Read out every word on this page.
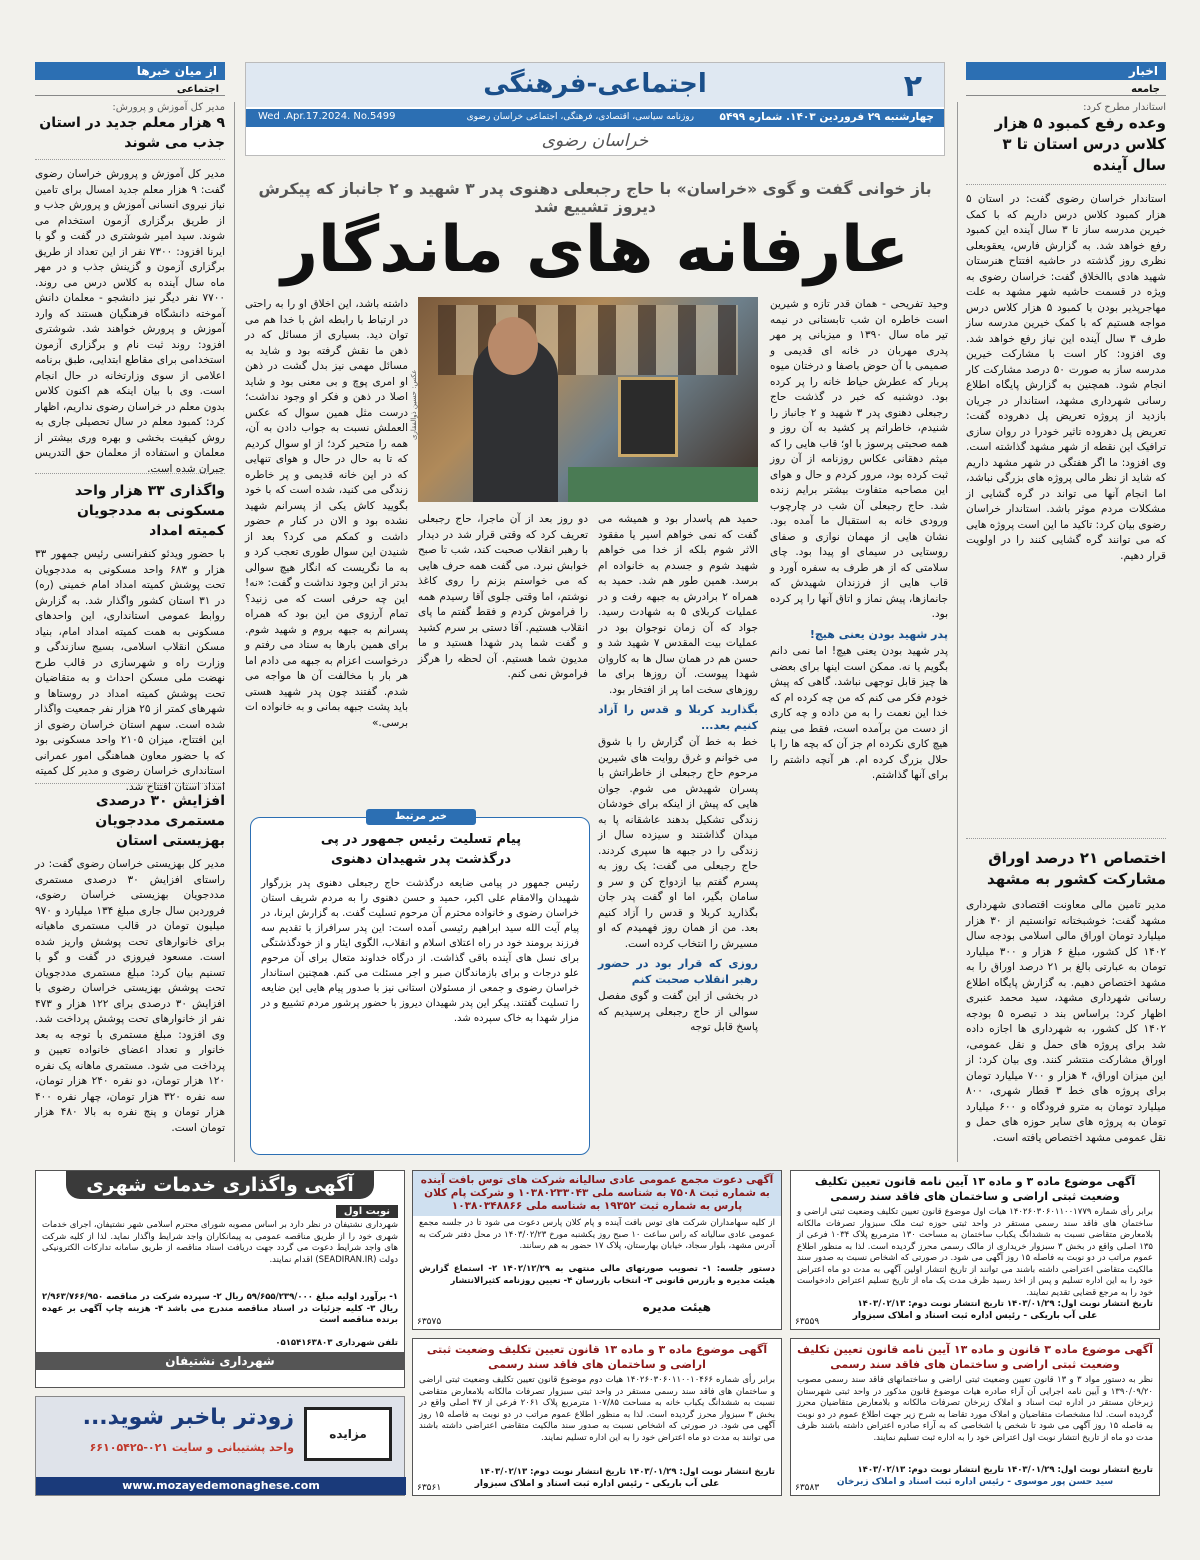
۲
اجتماعی-فرهنگی
چهارشنبه ۲۹ فروردین ۱۴۰۳. شماره ۵۴۹۹
روزنامه سیاسی، اقتصادی، فرهنگی، اجتماعی خراسان رضوی
Wed .Apr.17.2024. No.5499
خراسان رضوی
از میان خبرها
اجتماعی
اخبار
جامعه
استاندار مطرح کرد:
وعده رفع کمبود ۵ هزار کلاس درس استان تا ۳ سال آینده
استاندار خراسان رضوی گفت: در استان ۵ هزار کمبود کلاس درس داریم که با کمک خیرین مدرسه ساز تا ۳ سال آینده این کمبود رفع خواهد شد. به گزارش فارس، یعقوبعلی نظری روز گذشته در حاشیه افتتاح هنرستان شهید هادی باالخلاق گفت: خراسان رضوی به ویژه در قسمت حاشیه شهر مشهد به علت مهاجرپذیر بودن با کمبود ۵ هزار کلاس درس مواجه هستیم که با کمک خیرین مدرسه ساز طرف ۳ سال آینده این نیاز رفع خواهد شد. وی افزود: کار است با مشارکت خیرین مدرسه ساز به صورت ۵۰ درصد مشارکت کار انجام شود. همچنین به گزارش پایگاه اطلاع رسانی شهرداری مشهد، استاندار در جریان بازدید از پروژه تعریض پل دهروده گفت: تعریض پل دهروده تاثیر خودرا در روان سازی ترافیک این نقطه از شهر مشهد گذاشته است. وی افزود: ما اگر هفتگی در شهر مشهد داریم که شاید از نظر مالی پروژه های بزرگی نباشد، اما انجام آنها می تواند در گره گشایی از مشکلات مردم موثر باشد. استاندار خراسان رضوی بیان کرد: تاکید ما این است پروژه هایی که می توانند گره گشایی کنند را در اولویت قرار دهیم.
اختصاص ۲۱ درصد اوراق مشارکت کشور به مشهد
مدیر تامین مالی معاونت اقتصادی شهرداری مشهد گفت: خوشبختانه توانستیم از ۳۰ هزار میلیارد تومان اوراق مالی اسلامی بودجه سال ۱۴۰۲ کل کشور، مبلغ ۶ هزار و ۳۰۰ میلیارد تومان به عبارتی بالغ بر ۲۱ درصد اوراق را به مشهد اختصاص دهیم. به گزارش پایگاه اطلاع رسانی شهرداری مشهد، سید محمد عنبری اظهار کرد: براساس بند د تبصره ۵ بودجه ۱۴۰۲ کل کشور، به شهرداری ها اجازه داده شد برای پروژه های حمل و نقل عمومی، اوراق مشارکت منتشر کنند. وی بیان کرد: از این میزان اوراق، ۴ هزار و ۷۰۰ میلیارد تومان برای پروژه های خط ۳ قطار شهری، ۸۰۰ میلیارد تومان به مترو فرودگاه و ۶۰۰ میلیارد تومان به پروژه های سایر حوزه های حمل و نقل عمومی مشهد اختصاص یافته است.
مدیر کل آموزش و پرورش:
۹ هزار معلم جدید در استان جذب می شوند
مدیر کل آموزش و پرورش خراسان رضوی گفت: ۹ هزار معلم جدید امسال برای تامین نیاز نیروی انسانی آموزش و پرورش جذب و از طریق برگزاری آزمون استخدام می شوند. سید امیر شوشتری در گفت و گو با ایرنا افزود: ۷۳۰۰ نفر از این تعداد از طریق برگزاری آزمون و گزینش جذب و در مهر ماه سال آینده به کلاس درس می روند. ۷۷۰۰ نفر دیگر نیز دانشجو - معلمان دانش آموخته دانشگاه فرهنگیان هستند که وارد آموزش و پرورش خواهند شد. شوشتری افزود: روند ثبت نام و برگزاری آزمون استخدامی برای مقاطع ابتدایی، طبق برنامه اعلامی از سوی وزارتخانه در حال انجام است. وی با بیان اینکه هم اکنون کلاس بدون معلم در خراسان رضوی نداریم، اظهار کرد: کمبود معلم در سال تحصیلی جاری به روش کیفیت بخشی و بهره وری بیشتر از معلمان و استفاده از معلمان حق التدریس جبران شده است.
واگذاری ۳۳ هزار واحد مسکونی به مددجویان کمیته امداد
با حضور ویدئو کنفرانسی رئیس جمهور ۳۳ هزار و ۶۸۳ واحد مسکونی به مددجویان تحت پوشش کمیته امداد امام خمینی (ره) در ۳۱ استان کشور واگذار شد. به گزارش روابط عمومی استانداری، این واحدهای مسکونی به همت کمیته امداد امام، بنیاد مسکن انقلاب اسلامی، بسیج سازندگی و وزارت راه و شهرسازی در قالب طرح نهضت ملی مسکن احداث و به متقاضیان تحت پوشش کمیته امداد در روستاها و شهرهای کمتر از ۲۵ هزار نفر جمعیت واگذار شده است. سهم استان خراسان رضوی از این افتتاح، میزان ۲۱۰۵ واحد مسکونی بود که با حضور معاون هماهنگی امور عمرانی استانداری خراسان رضوی و مدیر کل کمیته امداد استان افتتاح شد.
افزایش ۳۰ درصدی مستمری مددجویان بهزیستی استان
مدیر کل بهزیستی خراسان رضوی گفت: در راستای افزایش ۳۰ درصدی مستمری مددجویان بهزیستی خراسان رضوی، فروردین سال جاری مبلغ ۱۳۴ میلیارد و ۹۷۰ میلیون تومان در قالب مستمری ماهیانه برای خانوارهای تحت پوشش واریز شده است. مسعود فیروزی در گفت و گو با تسنیم بیان کرد: مبلغ مستمری مددجویان تحت پوشش بهزیستی خراسان رضوی با افزایش ۳۰ درصدی برای ۱۲۲ هزار و ۴۷۳ نفر از خانوارهای تحت پوشش پرداخت شد. وی افزود: مبلغ مستمری با توجه به بعد خانوار و تعداد اعضای خانواده تعیین و پرداخت می شود. مستمری ماهانه یک نفره ۱۲۰ هزار تومان، دو نفره ۲۴۰ هزار تومان، سه نفره ۳۲۰ هزار تومان، چهار نفره ۴۰۰ هزار تومان و پنج نفره به بالا ۴۸۰ هزار تومان است.
باز خوانی گفت و گوی «خراسان» با حاج رجبعلی دهنوی پدر ۳ شهید و ۲ جانباز که پیکرش دیروز تشییع شد
عارفانه های ماندگار
عکس: حسین ذوالفقاری

وحید تفریحی - همان قدر تازه و شیرین است خاطره ان شب تابستانی در نیمه تیر ماه سال ۱۳۹۰ و میزبانی پر مهر پدری مهربان در خانه ای قدیمی و صمیمی با آن حوض باصفا و درختان میوه پربار که عطرش حیاط خانه را پر کرده بود. دوشنبه که خبر در گذشت حاج رجبعلی دهنوی پدر ۳ شهید و ۲ جانباز را شنیدم، خاطراتم پر کشید به آن روز و همه صحبتی پرسوز با او؛ قاب هایی را که میثم دهقانی عکاس روزنامه از آن روز ثبت کرده بود، مرور کردم و حال و هوای این مصاحبه متفاوت بیشتر برایم زنده شد. حاج رجبعلی آن شب در چارچوب ورودی خانه به استقبال ما آمده بود. نشان هایی از مهمان نوازی و صفای روستایی در سیمای او پیدا بود. چای سلامتی که از هر طرف به سفره آورد و قاب هایی از فرزندان شهیدش که جانمازها، پیش نماز و اتاق آنها را پر کرده بود.

پدر شهید بودن یعنی هیچ!

پدر شهید بودن یعنی هیچ! اما نمی دانم بگویم یا نه. ممکن است اینها برای بعضی ها چیز قابل توجهی نباشد. گاهی که پیش خودم فکر می کنم که من چه کرده ام که خدا این نعمت را به من داده و چه کاری از دست من برآمده است، فقط می بینم هیچ کاری نکرده ام جز آن که بچه ها را با حلال بزرگ کرده ام. هر آنچه داشتم را برای آنها گذاشتم.

حمید هم پاسدار بود و همیشه می گفت که نمی خواهم اسیر یا مفقود الاثر شوم بلکه از خدا می خواهم شهید شوم و جسدم به خانواده ام برسد. همین طور هم شد. حمید به همراه ۲ برادرش به جبهه رفت و در عملیات کربلای ۵ به شهادت رسید. جواد که آن زمان نوجوان بود در عملیات بیت المقدس ۷ شهید شد و حسن هم در همان سال ها به کاروان شهدا پیوست. آن روزها برای ما روزهای سخت اما پر از افتخار بود.

بگذارید کربلا و قدس را آزاد کنیم بعد...

خط به خط آن گزارش را با شوق می خوانم و غرق روایت های شیرین مرحوم حاج رجبعلی از خاطراتش با پسران شهیدش می شوم. جوان هایی که پیش از اینکه برای خودشان زندگی تشکیل بدهند عاشقانه پا به میدان گذاشتند و سیزده سال از زندگی را در جبهه ها سپری کردند. حاج رجبعلی می گفت: یک روز به پسرم گفتم بیا ازدواج کن و سر و سامان بگیر، اما او گفت پدر جان بگذارید کربلا و قدس را آزاد کنیم بعد. من از همان روز فهمیدم که او مسیرش را انتخاب کرده است.

روزی که قرار بود در حضور رهبر انقلاب صحبت کنم

در بخشی از این گفت و گوی مفصل سوالی از حاج رجبعلی پرسیدیم که پاسخ قابل توجه

دو روز بعد از آن ماجرا، حاج رجبعلی تعریف کرد که وقتی قرار شد در دیدار با رهبر انقلاب صحبت کند، شب تا صبح خوابش نبرد. می گفت همه حرف هایی که می خواستم بزنم را روی کاغذ نوشتم، اما وقتی جلوی آقا رسیدم همه را فراموش کردم و فقط گفتم ما پای انقلاب هستیم. آقا دستی بر سرم کشید و گفت شما پدر شهدا هستید و ما مدیون شما هستیم. آن لحظه را هرگز فراموش نمی کنم.

داشته باشد، این اخلاق او را به راحتی در ارتباط با رابطه اش با خدا هم می توان دید. بسیاری از مسائل که در ذهن ما نقش گرفته بود و شاید به مسائل مهمی نیز بدل گشت در ذهن او امری پوچ و بی معنی بود و شاید اصلا در ذهن و فکر او وجود نداشت؛ درست مثل همین سوال که عکس العملش نسبت به جواب دادن به آن، همه را متحیر کرد؛ از او سوال کردیم که تا به حال در حال و هوای تنهایی که در این خانه قدیمی و پر خاطره زندگی می کنید، شده است که با خود بگویید کاش یکی از پسرانم شهید نشده بود و الان در کنار م حضور داشت و کمکم می کرد؟ بعد از شنیدن این سوال طوری تعجب کرد و به ما نگریست که انگار هیچ سوالی بدتر از این وجود نداشت و گفت: «نه! این چه حرفی است که می زنید؟ تمام آرزوی من این بود که همراه پسرانم به جبهه بروم و شهید شوم. برای همین بارها به ستاد می رفتم و درخواست اعزام به جبهه می دادم اما هر بار با مخالفت آن ها مواجه می شدم. گفتند چون پدر شهید هستی باید پشت جبهه بمانی و به خانواده ات برسی.»

خبر مرتبط
پیام تسلیت رئیس جمهور در پی درگذشت پدر شهیدان دهنوی
رئیس جمهور در پیامی ضایعه درگذشت حاج رجبعلی دهنوی پدر بزرگوار شهیدان والامقام علی اکبر، حمید و حسن دهنوی را به مردم شریف استان خراسان رضوی و خانواده محترم آن مرحوم تسلیت گفت. به گزارش ایرنا، در پیام آیت الله سید ابراهیم رئیسی آمده است: این پدر سرافراز با تقدیم سه فرزند برومند خود در راه اعتلای اسلام و انقلاب، الگوی ایثار و از خودگذشتگی برای نسل های آینده باقی گذاشت. از درگاه خداوند متعال برای آن مرحوم علو درجات و برای بازماندگان صبر و اجر مسئلت می کنم. همچنین استاندار خراسان رضوی و جمعی از مسئولان استانی نیز با صدور پیام هایی این ضایعه را تسلیت گفتند. پیکر این پدر شهیدان دیروز با حضور پرشور مردم تشییع و در مزار شهدا به خاک سپرده شد.
آگهی موضوع ماده ۳ و ماده ۱۳ آیین نامه قانون تعیین تکلیف وضعیت ثبتی اراضی و ساختمان های فاقد سند رسمی
برابر رأی شماره ۱۴۰۲۶۰۳۰۶۰۱۱۰۰۱۷۷۹ هیات اول موضوع قانون تعیین تکلیف وضعیت ثبتی اراضی و ساختمان های فاقد سند رسمی مستقر در واحد ثبتی حوزه ثبت ملک سبزوار تصرفات مالکانه بلامعارض متقاضی نسبت به ششدانگ یکباب ساختمان به مساحت ۱۳۰ مترمربع پلاک ۱۰۳۴ فرعی از ۱۳۵ اصلی واقع در بخش ۳ سبزوار خریداری از مالک رسمی محرز گردیده است. لذا به منظور اطلاع عموم مراتب در دو نوبت به فاصله ۱۵ روز آگهی می شود. در صورتی که اشخاص نسبت به صدور سند مالکیت متقاضی اعتراضی داشته باشند می توانند از تاریخ انتشار اولین آگهی به مدت دو ماه اعتراض خود را به این اداره تسلیم و پس از اخذ رسید ظرف مدت یک ماه از تاریخ تسلیم اعتراض دادخواست خود را به مرجع قضایی تقدیم نمایند.
تاریخ انتشار نوبت اول: ۱۴۰۳/۰۱/۲۹ تاریخ انتشار نوبت دوم: ۱۴۰۳/۰۲/۱۳
علی آب باریکی - رئیس اداره ثبت اسناد و املاک سبزوار
۶۳۵۵۹
آگهی دعوت مجمع عمومی عادی سالیانه شرکت های توس بافت آینده به شماره ثبت ۷۵۰۸ به شناسه ملی ۱۰۳۸۰۲۳۳۰۴۳ و شرکت پام کلان پارس به شماره ثبت ۱۹۳۵۲ به شناسه ملی ۱۰۳۸۰۳۴۸۸۶۶
از کلیه سهامداران شرکت های توس بافت آینده و پام کلان پارس دعوت می شود تا در جلسه مجمع عمومی عادی سالیانه که راس ساعت ۱۰ صبح روز یکشنبه مورخ ۱۴۰۳/۰۲/۲۳ در محل دفتر شرکت به آدرس مشهد، بلوار سجاد، خیابان بهارستان، پلاک ۱۷ حضور به هم رسانند.
دستور جلسه: ۱- تصویب صورتهای مالی منتهی به ۱۴۰۲/۱۲/۲۹ ۲- استماع گزارش هیئت مدیره و بازرس قانونی ۳- انتخاب بازرسان ۴- تعیین روزنامه کثیرالانتشار
هیئت مدیره
۶۳۵۷۵
آگهی واگذاری خدمات شهری
نوبت اول
شهرداری نشتیفان در نظر دارد بر اساس مصوبه شورای محترم اسلامی شهر نشتیفان، اجرای خدمات شهری خود را از طریق مناقصه عمومی به پیمانکاران واجد شرایط واگذار نماید. لذا از کلیه شرکت های واجد شرایط دعوت می گردد جهت دریافت اسناد مناقصه از طریق سامانه تدارکات الکترونیکی دولت (SEADIRAN.IR) اقدام نمایند.
۱- برآورد اولیه مبلغ ۵۹/۶۵۵/۲۳۹/۰۰۰ ریال ۲- سپرده شرکت در مناقصه ۲/۹۶۳/۷۶۶/۹۵۰ ریال ۳- کلیه جزئیات در اسناد مناقصه مندرج می باشد ۴- هزینه چاپ آگهی بر عهده برنده مناقصه است
تلفن شهرداری ۰۵۱۵۴۱۶۳۸۰۳
شهرداری نشتیفان
۶۳۶۱۷
آگهی موضوع ماده ۳ و ماده ۱۳ قانون تعیین تکلیف وضعیت ثبتی اراضی و ساختمان های فاقد سند رسمی
برابر رأی شماره ۱۴۰۲۶۰۳۰۶۰۱۱۰۰۱۰۴۶۶ هیات دوم موضوع قانون تعیین تکلیف وضعیت ثبتی اراضی و ساختمان های فاقد سند رسمی مستقر در واحد ثبتی سبزوار تصرفات مالکانه بلامعارض متقاضی نسبت به ششدانگ یکباب خانه به مساحت ۱۰۷/۸۵ مترمربع پلاک ۲۰۶۱ فرعی از ۴۷ اصلی واقع در بخش ۳ سبزوار محرز گردیده است. لذا به منظور اطلاع عموم مراتب در دو نوبت به فاصله ۱۵ روز آگهی می شود. در صورتی که اشخاص نسبت به صدور سند مالکیت متقاضی اعتراضی داشته باشند می توانند به مدت دو ماه اعتراض خود را به این اداره تسلیم نمایند.
تاریخ انتشار نوبت اول: ۱۴۰۳/۰۱/۲۹ تاریخ انتشار نوبت دوم: ۱۴۰۳/۰۲/۱۳
علی آب باریکی - رئیس اداره ثبت اسناد و املاک سبزوار
۶۳۵۶۱
آگهی موضوع ماده ۳ قانون و ماده ۱۳ آیین نامه قانون تعیین تکلیف وضعیت ثبتی اراضی و ساختمان های فاقد سند رسمی
نظر به دستور مواد ۳ و ۱۳ قانون تعیین وضعیت ثبتی اراضی و ساختمانهای فاقد سند رسمی مصوب ۱۳۹۰/۰۹/۲۰ و آیین نامه اجرایی آن آراء صادره هیات موضوع قانون مذکور در واحد ثبتی شهرستان زبرخان مستقر در اداره ثبت اسناد و املاک زبرخان تصرفات مالکانه و بلامعارض متقاضیان محرز گردیده است. لذا مشخصات متقاضیان و املاک مورد تقاضا به شرح زیر جهت اطلاع عموم در دو نوبت به فاصله ۱۵ روز آگهی می شود تا شخص یا اشخاصی که به آراء صادره اعتراض داشته باشند ظرف مدت دو ماه از تاریخ انتشار نوبت اول اعتراض خود را به اداره ثبت تسلیم نمایند.
تاریخ انتشار نوبت اول: ۱۴۰۳/۰۱/۲۹ تاریخ انتشار نوبت دوم: ۱۴۰۳/۰۲/۱۳
سید حسن پور موسوی - رئیس اداره ثبت اسناد و املاک زبرخان
۶۳۵۸۳
زودتر باخبر شوید...
واحد پشتیبانی و سایت ۰۲۱-۶۶۱۰۵۴۲۵
مزایده
www.mozayedemonaghese.com
